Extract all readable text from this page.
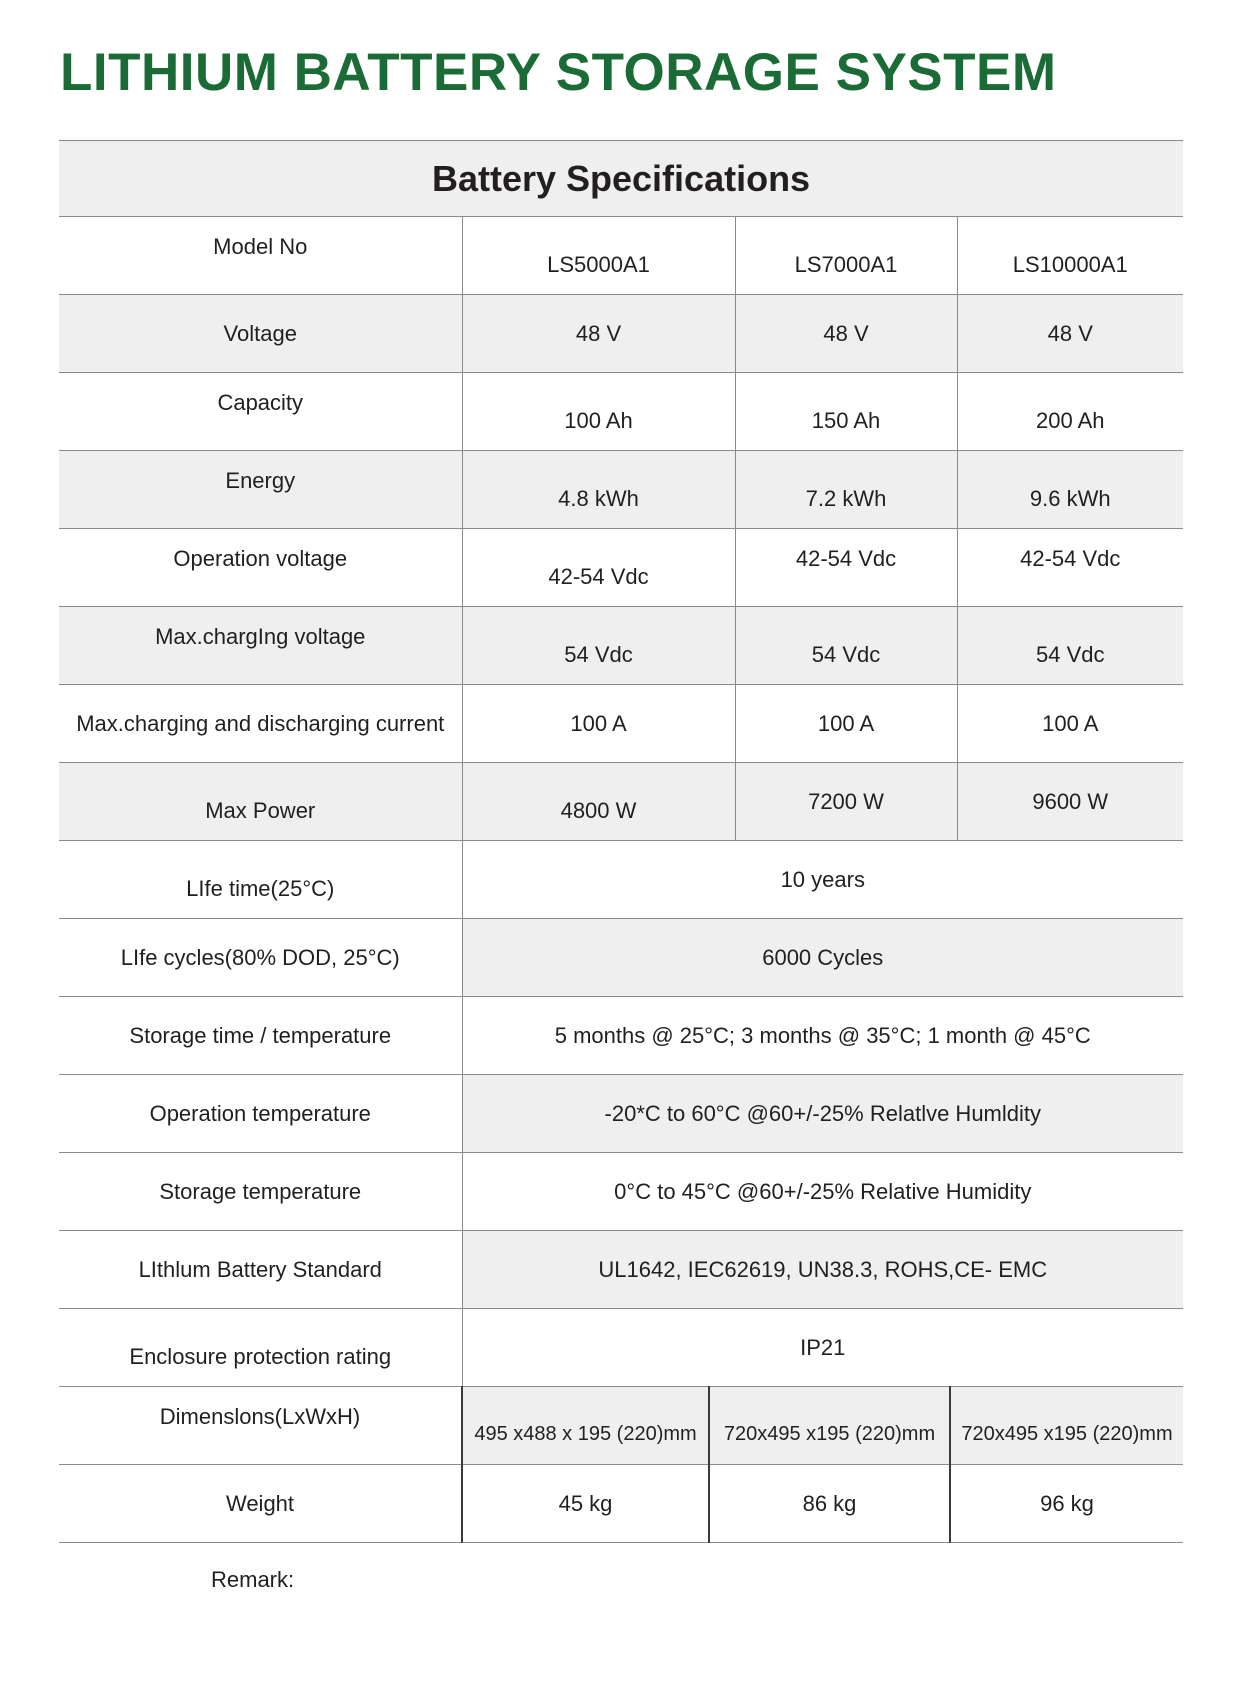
LITHIUM BATTERY STORAGE SYSTEM
Battery Specifications					
Model No	LS5000A1		LS7000A1		LS10000A1
Voltage	48 V		48 V		48 V
Capacity	100 Ah		150 Ah		200 Ah
Energy	4.8 kWh		7.2 kWh		9.6 kWh
Operation voltage	42-54 Vdc		42-54 Vdc		42-54 Vdc
Max.chargIng voltage	54 Vdc		54 Vdc		54 Vdc
Max.charging and discharging current	100 A		100 A		100 A
Max Power	4800 W		7200 W		9600 W
LIfe time(25°C)	10 years				
LIfe cycles(80% DOD, 25°C)	6000 Cycles				
Storage time / temperature	5 months @ 25°C; 3 months @ 35°C; 1 month @ 45°C				
Operation temperature	-20*C to 60°C @60+/-25% Relatlve Humldity				
Storage temperature	0°C to 45°C @60+/-25% Relative Humidity				
LIthlum Battery Standard	UL1642, IEC62619, UN38.3, ROHS,CE- EMC				
Enclosure protection rating	IP21				
Dimenslons(LxWxH)	495 x488 x 195 (220)mm	720x495 x195 (220)mm		720x495 x195 (220)mm	
Weight	45 kg	86 kg		96 kg	
Remark:
